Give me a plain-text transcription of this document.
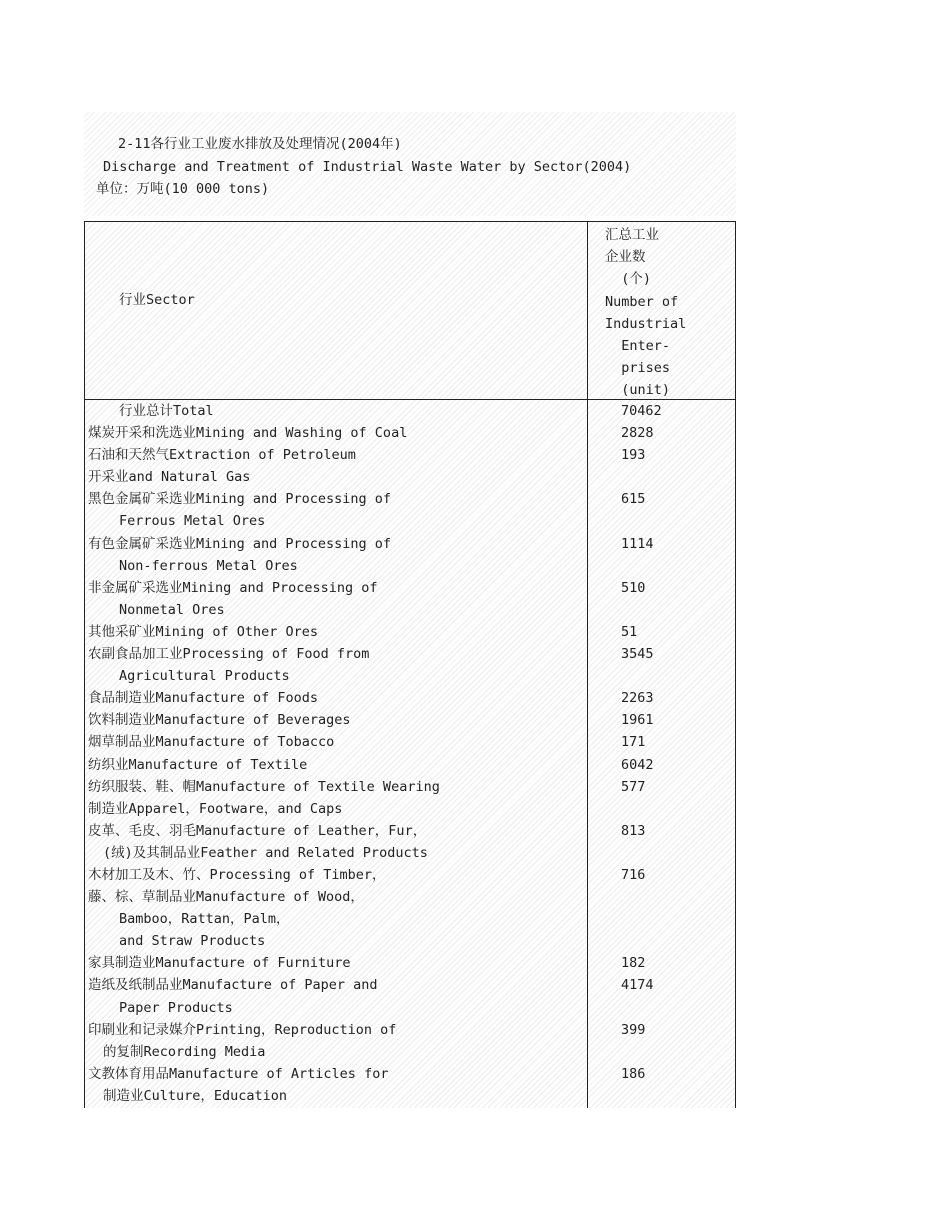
2-11各行业工业废水排放及处理情况(2004年)
Discharge and Treatment of Industrial Waste Water by Sector(2004)
单位：万吨(10 000 tons)
行业Sector
汇总工业
企业数
(个)
Number of
Industrial
Enter-
prises
(unit)
行业总计Total	70462
煤炭开采和洗选业Mining and Washing of Coal	2828
石油和天然气Extraction of Petroleum	193
开采业and Natural Gas
黑色金属矿采选业Mining and Processing of	615
Ferrous Metal Ores
有色金属矿采选业Mining and Processing of	1114
Non-ferrous Metal Ores
非金属矿采选业Mining and Processing of	510
Nonmetal Ores
其他采矿业Mining of Other Ores	51
农副食品加工业Processing of Food from	3545
Agricultural Products
食品制造业Manufacture of Foods	2263
饮料制造业Manufacture of Beverages	1961
烟草制品业Manufacture of Tobacco	171
纺织业Manufacture of Textile	6042
纺织服装、鞋、帽Manufacture of Textile Wearing	577
制造业Apparel，Footware，and Caps
皮革、毛皮、羽毛Manufacture of Leather，Fur，	813
(绒)及其制品业Feather and Related Products
木材加工及木、竹、Processing of Timber，	716
藤、棕、草制品业Manufacture of Wood，
Bamboo，Rattan，Palm，
and Straw Products
家具制造业Manufacture of Furniture	182
造纸及纸制品业Manufacture of Paper and	4174
Paper Products
印刷业和记录媒介Printing，Reproduction of	399
的复制Recording Media
文教体育用品Manufacture of Articles for	186
制造业Culture，Education
